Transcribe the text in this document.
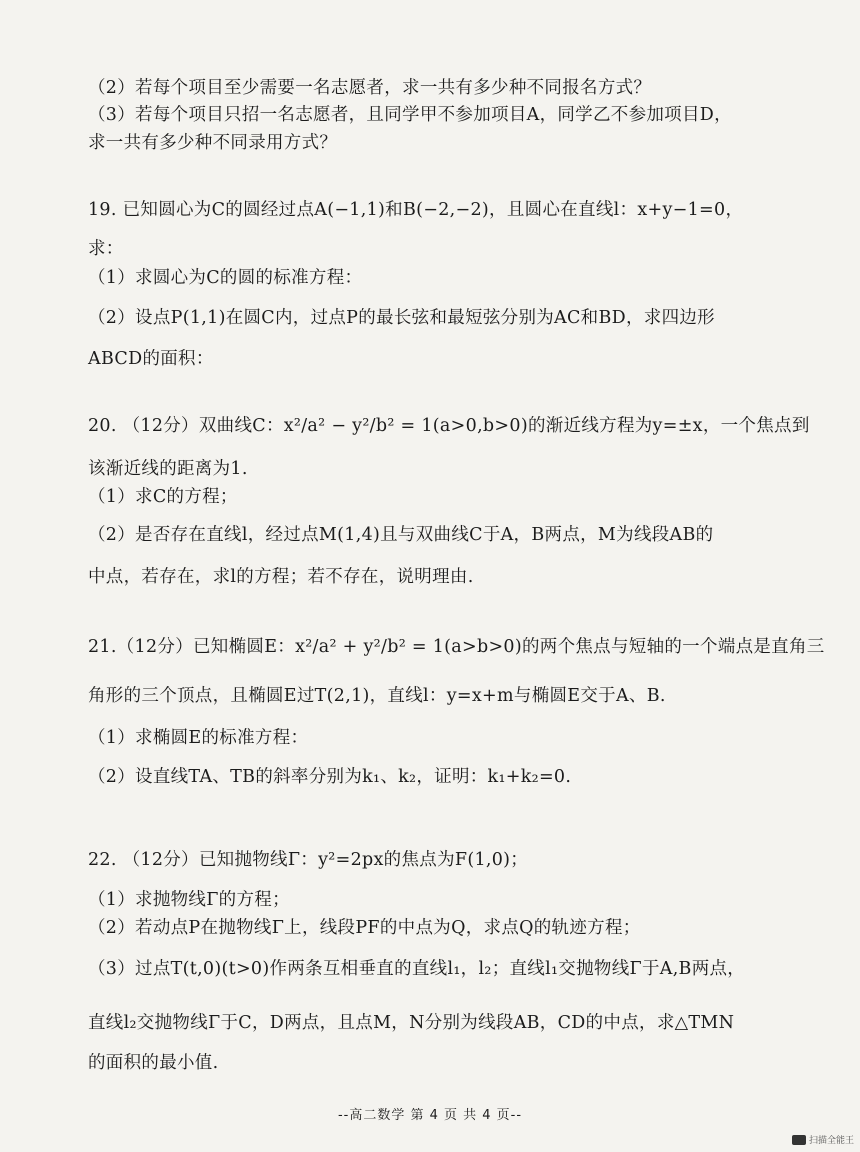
（2）若每个项目至少需要一名志愿者，求一共有多少种不同报名方式？
（3）若每个项目只招一名志愿者，且同学甲不参加项目A，同学乙不参加项目D，
求一共有多少种不同录用方式？
19. 已知圆心为C的圆经过点A(−1,1)和B(−2,−2)，且圆心在直线l：x+y−1=0，
求：
（1）求圆心为C的圆的标准方程：
（2）设点P(1,1)在圆C内，过点P的最长弦和最短弦分别为AC和BD，求四边形
ABCD的面积：
20. （12分）双曲线C：x²/a² − y²/b² = 1(a>0,b>0)的渐近线方程为y=±x，一个焦点到
该渐近线的距离为1.
（1）求C的方程；
（2）是否存在直线l，经过点M(1,4)且与双曲线C于A，B两点，M为线段AB的
中点，若存在，求l的方程；若不存在，说明理由.
21.（12分）已知椭圆E：x²/a² + y²/b² = 1(a>b>0)的两个焦点与短轴的一个端点是直角三
角形的三个顶点，且椭圆E过T(2,1)，直线l：y=x+m与椭圆E交于A、B.
（1）求椭圆E的标准方程：
（2）设直线TA、TB的斜率分别为k₁、k₂，证明：k₁+k₂=0.
22. （12分）已知抛物线Γ：y²=2px的焦点为F(1,0)；
（1）求抛物线Γ的方程；
（2）若动点P在抛物线Γ上，线段PF的中点为Q，求点Q的轨迹方程；
（3）过点T(t,0)(t>0)作两条互相垂直的直线l₁，l₂；直线l₁交抛物线Γ于A,B两点，
直线l₂交抛物线Γ于C，D两点，且点M，N分别为线段AB，CD的中点，求△TMN
的面积的最小值.
--高二数学 第 4 页 共 4 页--
扫描全能王
